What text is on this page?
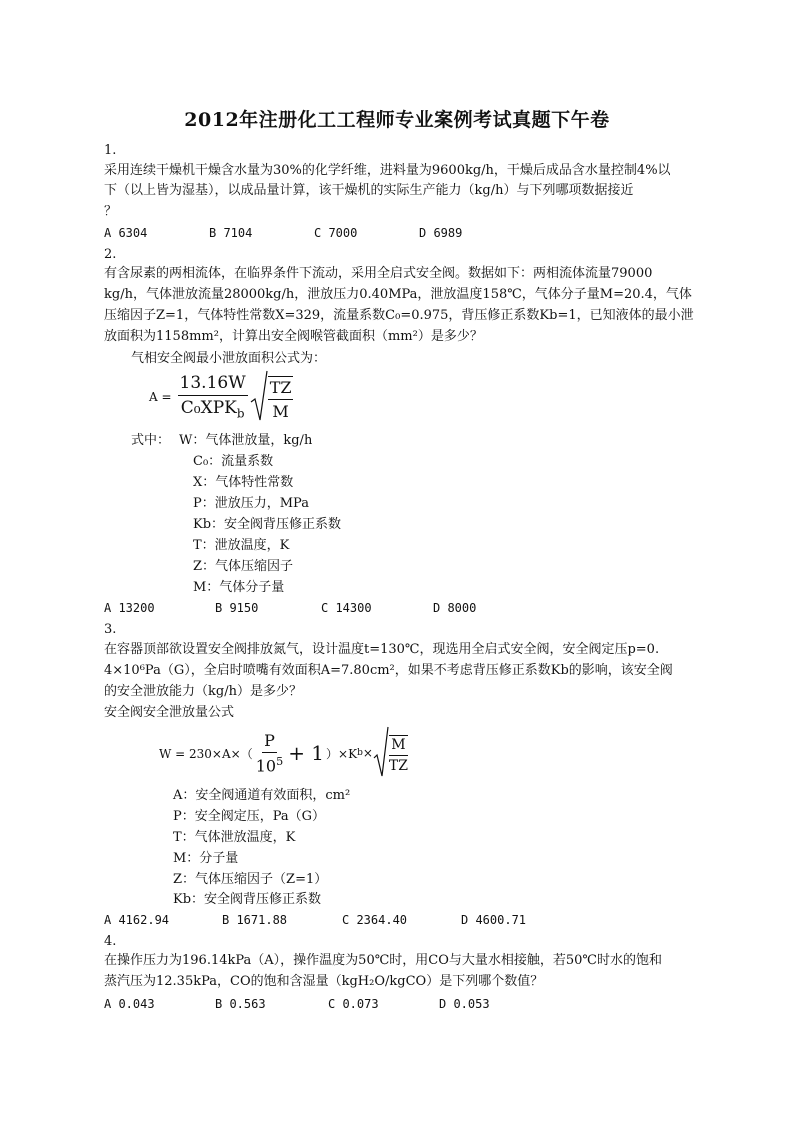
2012年注册化工工程师专业案例考试真题下午卷
1.
采用连续干燥机干燥含水量为30%的化学纤维，进料量为9600kg/h，干燥后成品含水量控制4%以
下（以上皆为湿基），以成品量计算，该干燥机的实际生产能力（kg/h）与下列哪项数据接近
？
A 6304	B 7104	C 7000	D 6989
2.
有含尿素的两相流体，在临界条件下流动，采用全启式安全阀。数据如下：两相流体流量79000
kg/h，气体泄放流量28000kg/h，泄放压力0.40MPa，泄放温度158℃，气体分子量M=20.4，气体
压缩因子Z=1，气体特性常数X=329，流量系数C₀=0.975，背压修正系数Kb=1，已知液体的最小泄
放面积为1158mm²，计算出安全阀喉管截面积（mm²）是多少？
气相安全阀最小泄放面积公式为：
$A = \frac{13.16W}{C_0XPK_b} \frac{TZ}{M}$
式中： W：气体泄放量，kg/h
C₀：流量系数
X：气体特性常数
P：泄放压力，MPa
Kb：安全阀背压修正系数
T：泄放温度，K
Z：气体压缩因子
M：气体分子量
A 13200	B 9150	C 14300	D 8000
3.
在容器顶部欲设置安全阀排放氮气，设计温度t=130℃，现选用全启式安全阀，安全阀定压p=0.
4×10⁶Pa（G），全启时喷嘴有效面积A=7.80cm²，如果不考虑背压修正系数Kb的影响，该安全阀
的安全泄放能力（kg/h）是多少？
安全阀安全泄放量公式
$W = 230\times A\times( \frac{P}{10^5} + 1$ ）×K $b \times \frac{M}{TZ}$
A：安全阀通道有效面积，cm²
P：安全阀定压，Pa（G）
T：气体泄放温度，K
M：分子量
Z：气体压缩因子（Z=1）
Kb：安全阀背压修正系数
A 4162.94	B 1671.88	C 2364.40	D 4600.71
4.
在操作压力为196.14kPa（A），操作温度为50℃时，用CO与大量水相接触，若50℃时水的饱和
蒸汽压为12.35kPa，CO的饱和含湿量（kgH₂O/kgCO）是下列哪个数值？
A 0.043	B 0.563	C 0.073	D 0.053
